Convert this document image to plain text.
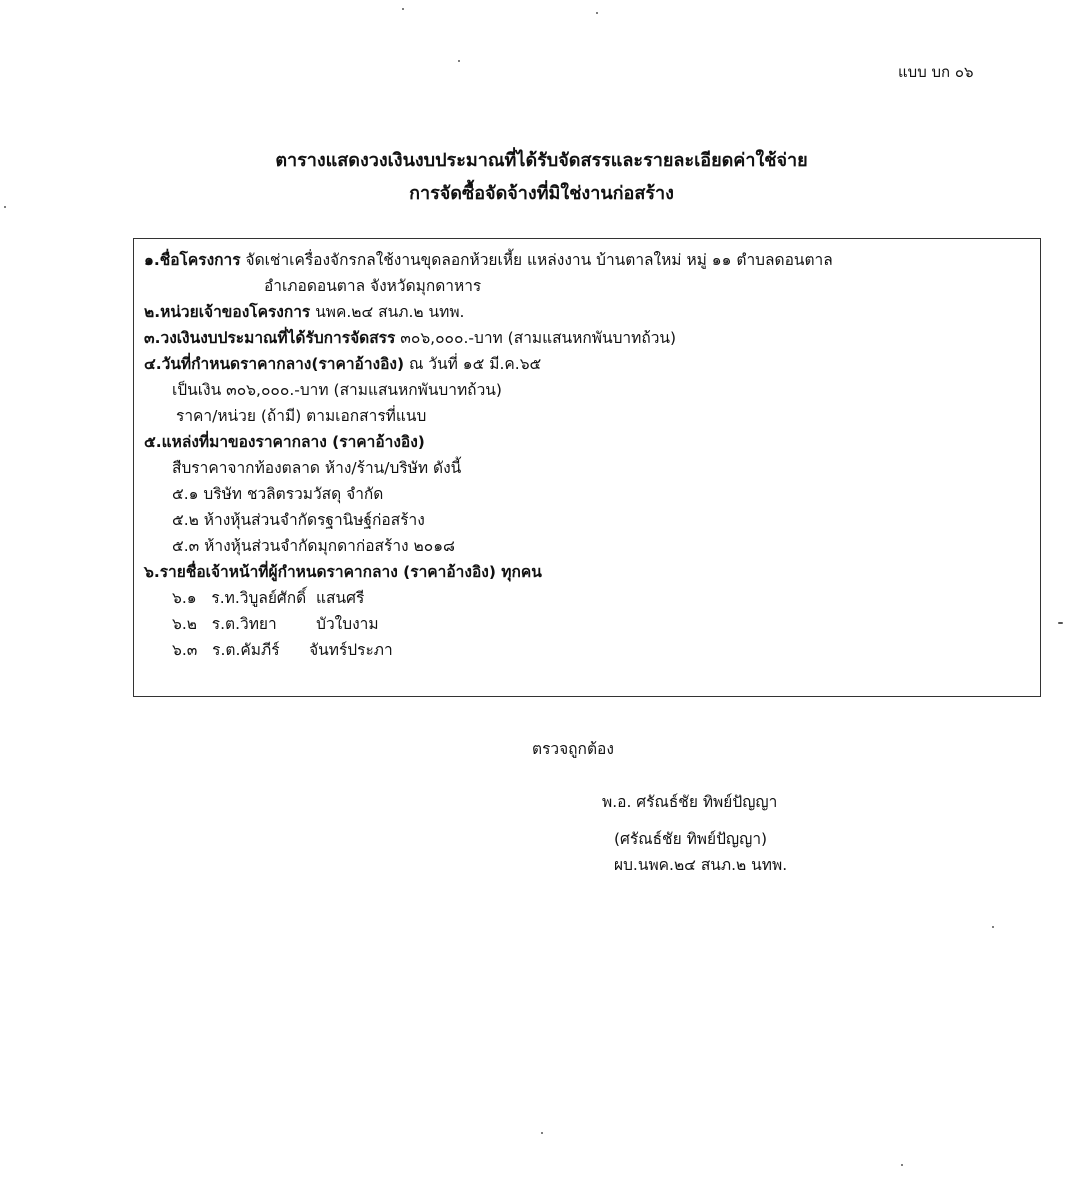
แบบ บก ๐๖
ตารางแสดงวงเงินงบประมาณที่ได้รับจัดสรรและรายละเอียดค่าใช้จ่าย
การจัดซื้อจัดจ้างที่มิใช่งานก่อสร้าง
๑.ชื่อโครงการ จัดเช่าเครื่องจักรกลใช้งานขุดลอกห้วยเหี้ย แหล่งงาน บ้านตาลใหม่ หมู่ ๑๑ ตำบลดอนตาล
อำเภอดอนตาล จังหวัดมุกดาหาร
๒.หน่วยเจ้าของโครงการ นพค.๒๔ สนภ.๒ นทพ.
๓.วงเงินงบประมาณที่ได้รับการจัดสรร ๓๐๖,๐๐๐.-บาท (สามแสนหกพันบาทถ้วน)
๔.วันที่กำหนดราคากลาง(ราคาอ้างอิง) ณ วันที่ ๑๕ มี.ค.๖๕
เป็นเงิน ๓๐๖,๐๐๐.-บาท (สามแสนหกพันบาทถ้วน)
ราคา/หน่วย (ถ้ามี) ตามเอกสารที่แนบ
๕.แหล่งที่มาของราคากลาง (ราคาอ้างอิง)
สืบราคาจากท้องตลาด ห้าง/ร้าน/บริษัท ดังนี้
๕.๑ บริษัท ชวลิตรวมวัสดุ จำกัด
๕.๒ ห้างหุ้นส่วนจำกัดรฐานิษฐ์ก่อสร้าง
๕.๓ ห้างหุ้นส่วนจำกัดมุกดาก่อสร้าง ๒๐๑๘
๖.รายชื่อเจ้าหน้าที่ผู้กำหนดราคากลาง (ราคาอ้างอิง) ทุกคน
๖.๑ ร.ท.วิบูลย์ศักดิ์  แสนศรี
๖.๒ ร.ต.วิทยา        บัวใบงาม
๖.๓ ร.ต.คัมภีร์      จันทร์ประภา
ตรวจถูกต้อง
พ.อ. ศรัณธ์ชัย ทิพย์ปัญญา
(ศรัณธ์ชัย ทิพย์ปัญญา)
ผบ.นพค.๒๔ สนภ.๒ นทพ.
